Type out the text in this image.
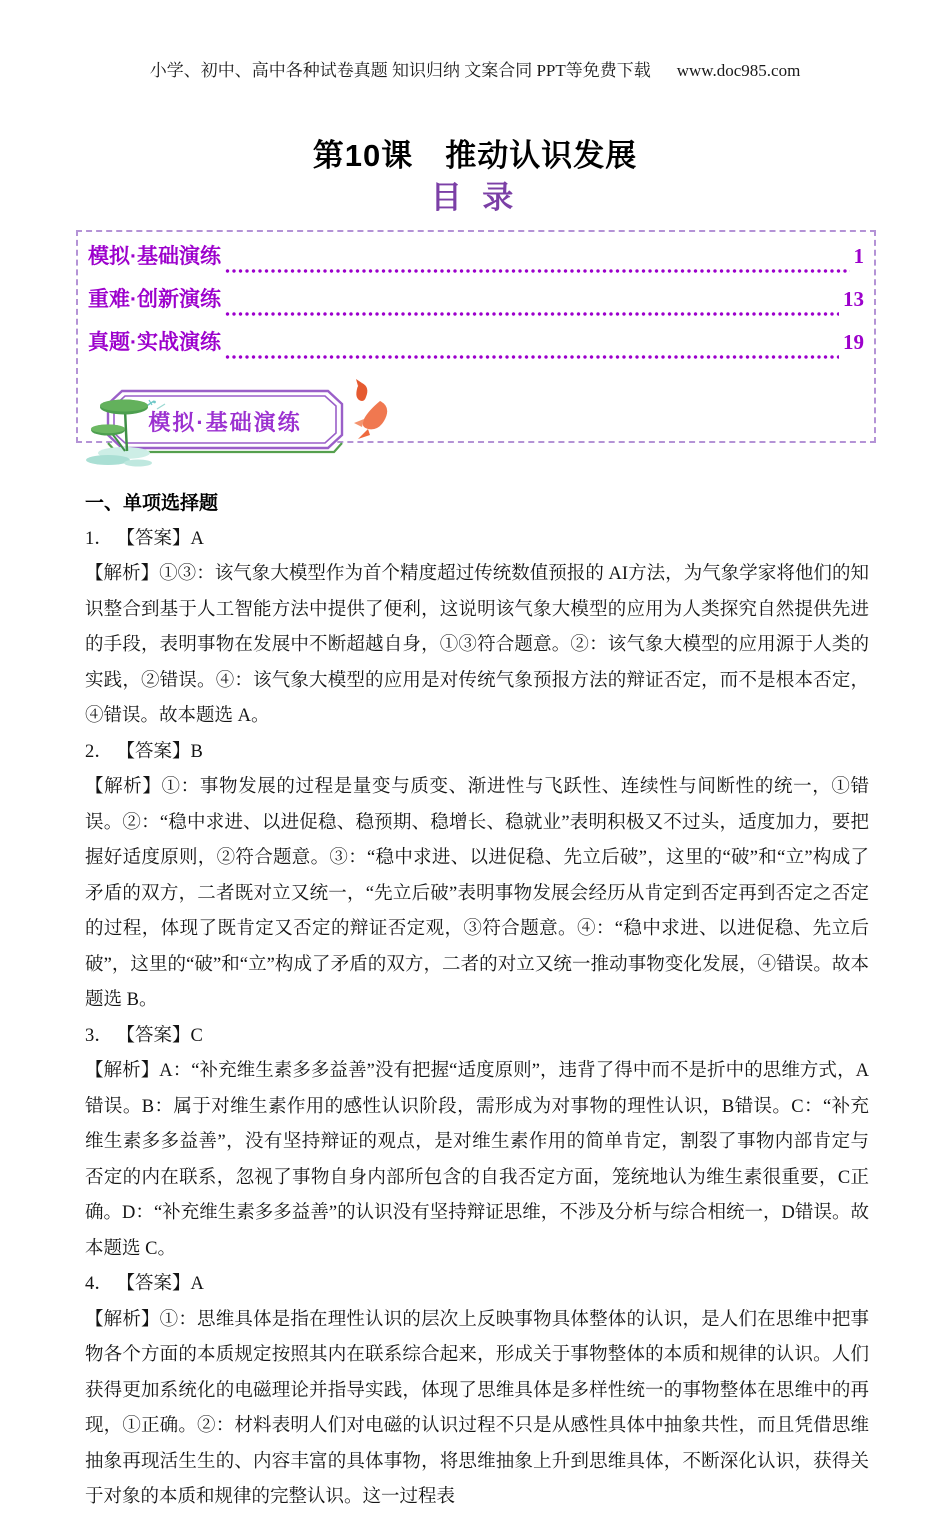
小学、初中、高中各种试卷真题 知识归纳 文案合同 PPT等免费下载 www.doc985.com
第10课　推动认识发展
目 录
模拟·基础演练	1
重难·创新演练	13
真题·实战演练	19
模拟·基础演练
一、单项选择题
1． 【答案】A

【解析】①③：该气象大模型作为首个精度超过传统数值预报的 AI方法，为气象学家将他们的知识整合到基于人工智能方法中提供了便利，这说明该气象大模型的应用为人类探究自然提供先进的手段，表明事物在发展中不断超越自身，①③符合题意。②：该气象大模型的应用源于人类的实践，②错误。④：该气象大模型的应用是对传统气象预报方法的辩证否定，而不是根本否定，④错误。故本题选 A。

2． 【答案】B

【解析】①：事物发展的过程是量变与质变、渐进性与飞跃性、连续性与间断性的统一，①错误。②：“稳中求进、以进促稳、稳预期、稳增长、稳就业”表明积极又不过头，适度加力，要把握好适度原则，②符合题意。③：“稳中求进、以进促稳、先立后破”，这里的“破”和“立”构成了矛盾的双方，二者既对立又统一，“先立后破”表明事物发展会经历从肯定到否定再到否定之否定的过程，体现了既肯定又否定的辩证否定观，③符合题意。④：“稳中求进、以进促稳、先立后破”，这里的“破”和“立”构成了矛盾的双方，二者的对立又统一推动事物变化发展，④错误。故本题选 B。

3． 【答案】C

【解析】A：“补充维生素多多益善”没有把握“适度原则”，违背了得中而不是折中的思维方式，A错误。B：属于对维生素作用的感性认识阶段，需形成为对事物的理性认识，B错误。C：“补充维生素多多益善”，没有坚持辩证的观点，是对维生素作用的简单肯定，割裂了事物内部肯定与否定的内在联系，忽视了事物自身内部所包含的自我否定方面，笼统地认为维生素很重要，C正确。D：“补充维生素多多益善”的认识没有坚持辩证思维，不涉及分析与综合相统一，D错误。故本题选 C。

4． 【答案】A

【解析】①：思维具体是指在理性认识的层次上反映事物具体整体的认识，是人们在思维中把事物各个方面的本质规定按照其内在联系综合起来，形成关于事物整体的本质和规律的认识。人们获得更加系统化的电磁理论并指导实践，体现了思维具体是多样性统一的事物整体在思维中的再现，①正确。②：材料表明人们对电磁的认识过程不只是从感性具体中抽象共性，而且凭借思维抽象再现活生生的、内容丰富的具体事物，将思维抽象上升到思维具体，不断深化认识，获得关于对象的本质和规律的完整认识。这一过程表
